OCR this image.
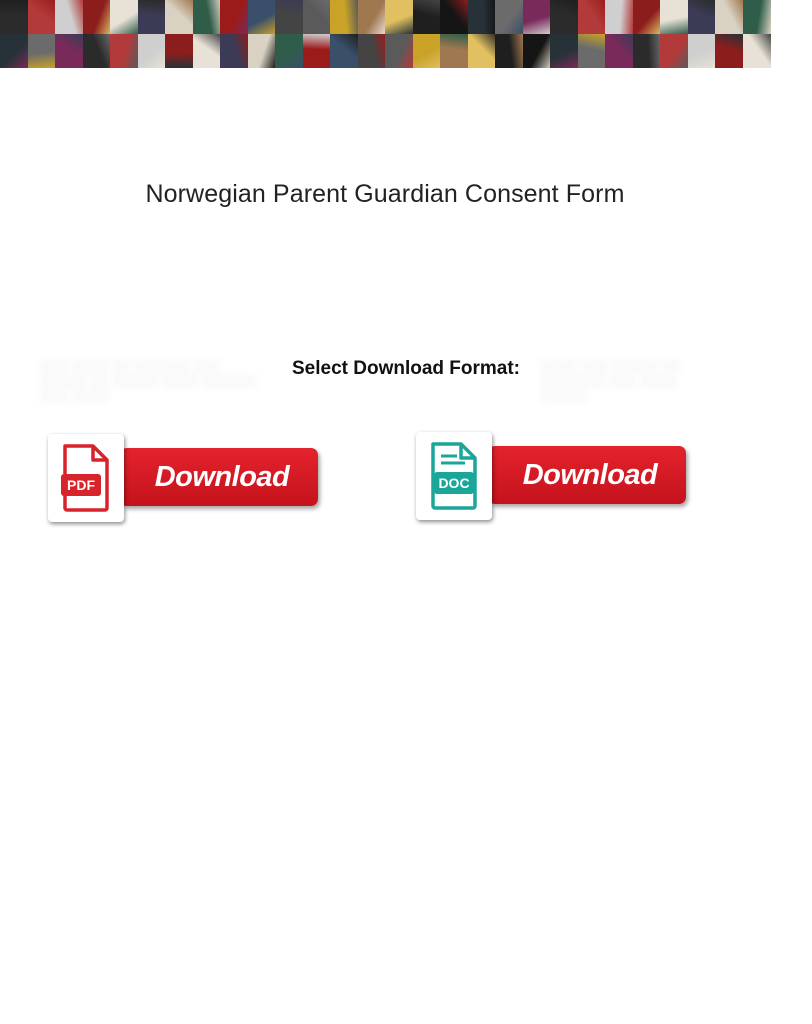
Norwegian Parent Guardian Consent Form
░░░ ░░░░ ░░ ░░░░░░ ░░░ ░░░░░ ░░ ░░░░░ ░░░░ ░░░░░░ ░░░ ░░░░
░░░░ ░░░ ░░░░░ ░░ ░░░░░░░ ░░░ ░░░░ ░░░░░
Select Download Format:
Download
PDF	Download
DOC
